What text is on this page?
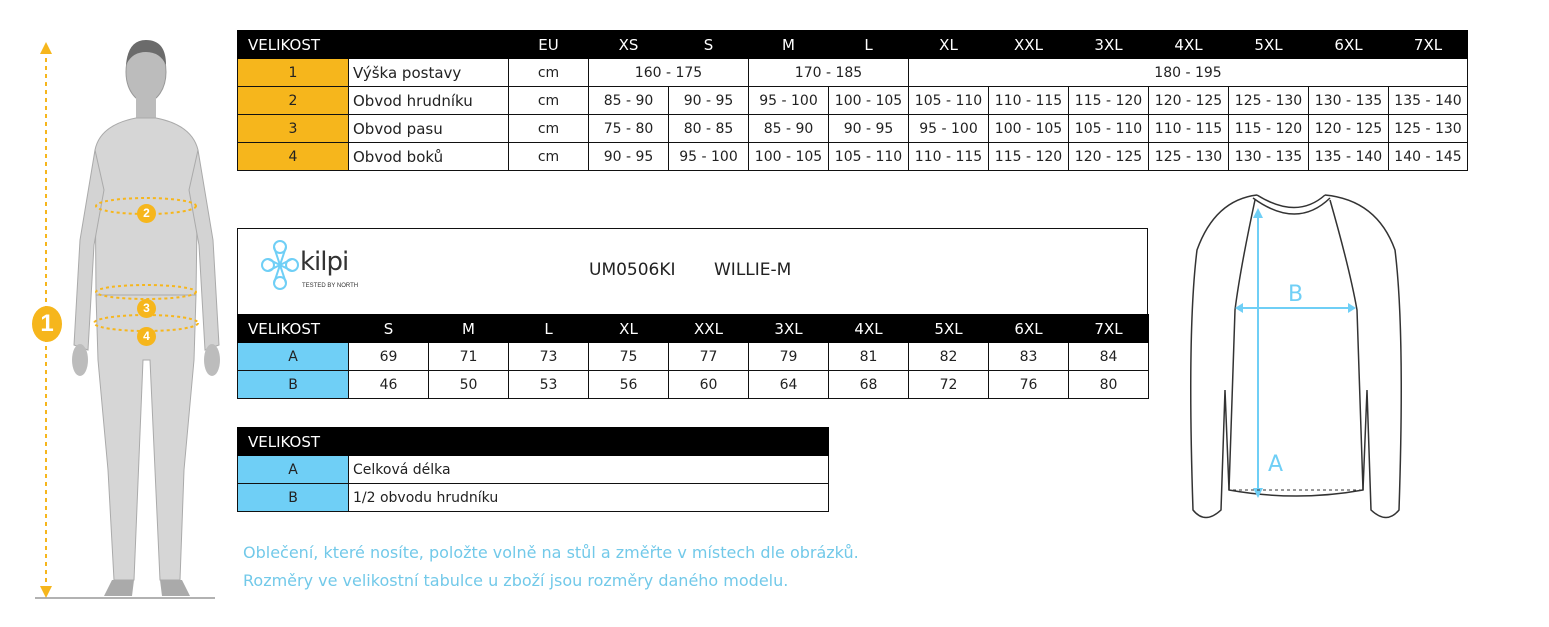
1
2
3
4
VELIKOST		EU	XS	S	M	L	XL	XXL	3XL	4XL	5XL	6XL	7XL
1	Výška postavy	cm	160 - 175		170 - 185		180 - 195						
2	Obvod hrudníku	cm	85 - 90	90 - 95	95 - 100	100 - 105	105 - 110	110 - 115	115 - 120	120 - 125	125 - 130	130 - 135	135 - 140
3	Obvod pasu	cm	75 - 80	80 - 85	85 - 90	90 - 95	95 - 100	100 - 105	105 - 110	110 - 115	115 - 120	120 - 125	125 - 130
4	Obvod boků	cm	90 - 95	95 - 100	100 - 105	105 - 110	110 - 115	115 - 120	120 - 125	125 - 130	130 - 135	135 - 140	140 - 145
kilpi
TESTED BY NORTH
UM0506KI WILLIE-M
VELIKOST	S	M	L	XL	XXL	3XL	4XL	5XL	6XL	7XL
A	69	71	73	75	77	79	81	82	83	84
B	46	50	53	56	60	64	68	72	76	80
VELIKOST	
A	Celková délka
B	1/2 obvodu hrudníku
Oblečení, které nosíte, položte volně na stůl a změřte v místech dle obrázků.
Rozměry ve velikostní tabulce u zboží jsou rozměry daného modelu.
B
A
